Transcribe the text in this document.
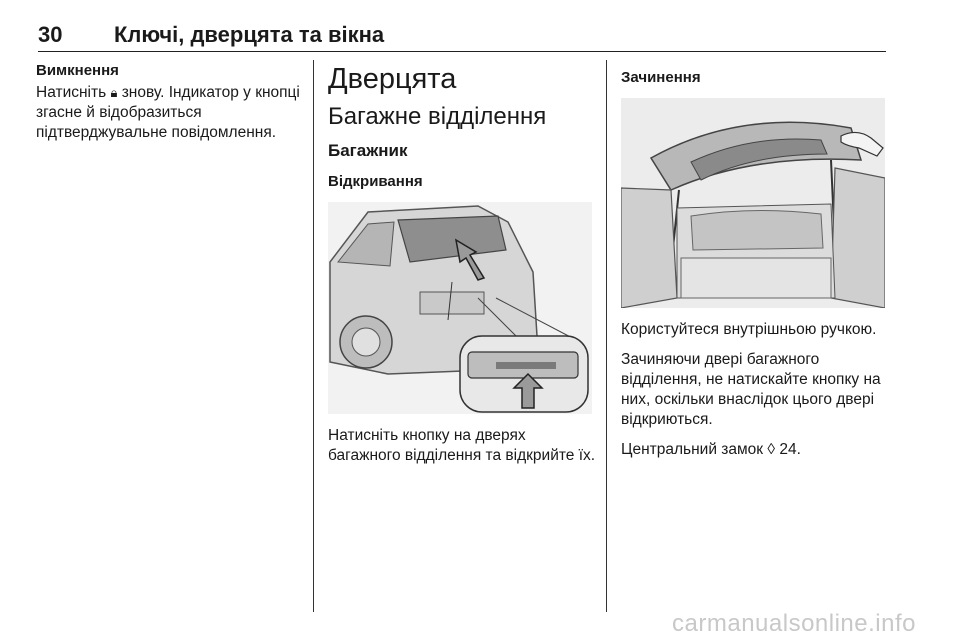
30 Ключі, дверцята та вікна
Вимкнення

Натисніть 🔒︎ знову. Індикатор у кнопці згасне й відобразиться підтверджувальне повідомлення.

Дверцята
Багажне відділення
Багажник
Відкривання

Натисніть кнопку на дверях багажного відділення та відкрийте їх.

Зачинення

Користуйтеся внутрішньою ручкою.

Зачиняючи двері багажного відділення, не натискайте кнопку на них, оскільки внаслідок цього двері відкриються.

Центральний замок ◊ 24.

carmanualsonline.info
